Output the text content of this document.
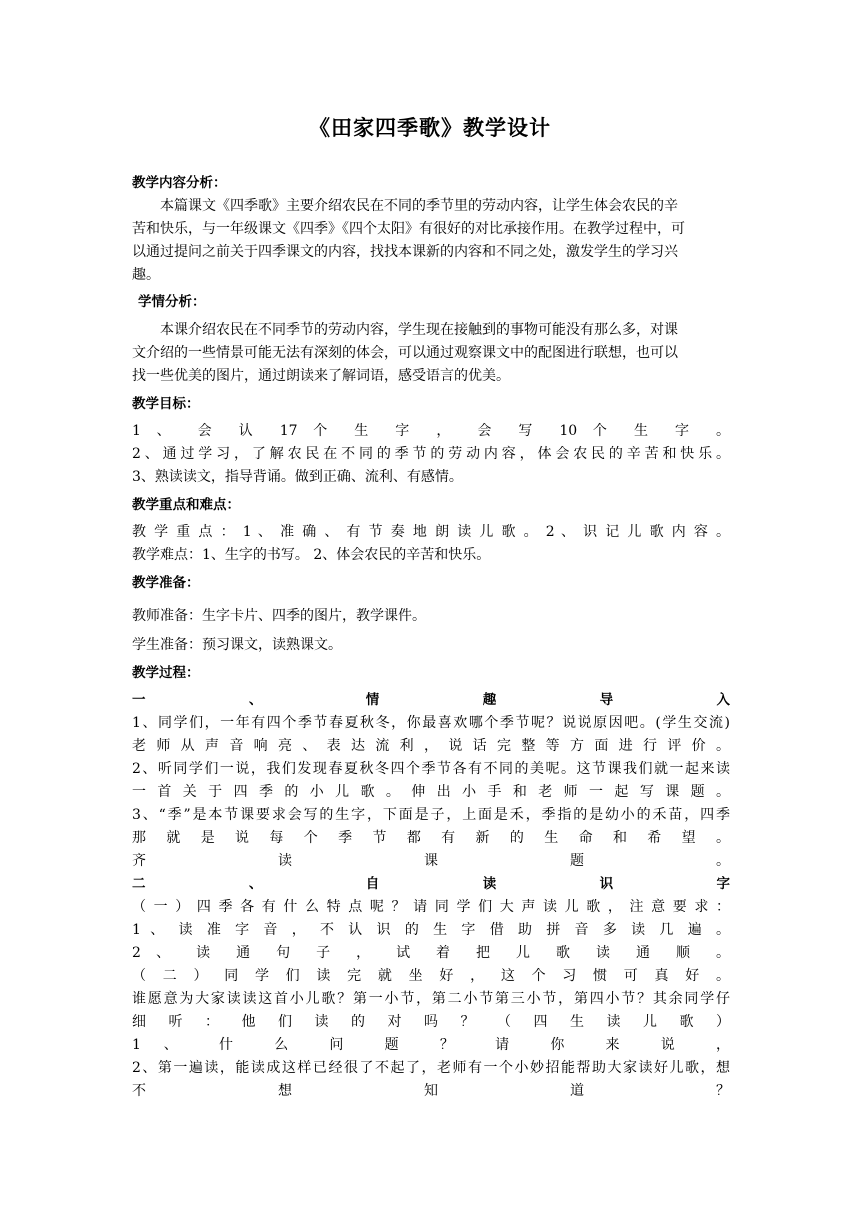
《田家四季歌》教学设计
教学内容分析：
本篇课文《四季歌》主要介绍农民在不同的季节里的劳动内容，让学生体会农民的辛
苦和快乐，与一年级课文《四季》《四个太阳》有很好的对比承接作用。在教学过程中，可
以通过提问之前关于四季课文的内容，找找本课新的内容和不同之处，激发学生的学习兴
趣。
学情分析：
本课介绍农民在不同季节的劳动内容，学生现在接触到的事物可能没有那么多，对课
文介绍的一些情景可能无法有深刻的体会，可以通过观察课文中的配图进行联想，也可以
找一些优美的图片，通过朗读来了解词语，感受语言的优美。
教学目标：
1 、 会 认 17 个 生 字 ， 会 写 10 个 生 字 。
2、通过学习，了解农民在不同的季节的劳动内容，体会农民的辛苦和快乐。
3、熟读读文，指导背诵。做到正确、流利、有感情。
教学重点和难点：
教 学 重 点 ： 1 、 准 确 、 有 节 奏 地 朗 读 儿 歌 。 2 、 识 记 儿 歌 内 容 。
教学难点：1、生字的书写。 2、体会农民的辛苦和快乐。
教学准备：
教师准备：生字卡片、四季的图片，教学课件。
学生准备：预习课文，读熟课文。
教学过程：
一 、 情 趣 导 入
1、同学们，一年有四个季节春夏秋冬，你最喜欢哪个季节呢？说说原因吧。(学生交流)
老 师 从 声 音 响 亮 、 表 达 流 利 ， 说 话 完 整 等 方 面 进 行 评 价 。
2、听同学们一说，我们发现春夏秋冬四个季节各有不同的美呢。这节课我们就一起来读
一 首 关 于 四 季 的 小 儿 歌 。 伸 出 小 手 和 老 师 一 起 写 课 题 。
3、“季”是本节课要求会写的生字，下面是子，上面是禾，季指的是幼小的禾苗，四季
那 就 是 说 每 个 季 节 都 有 新 的 生 命 和 希 望 。
齐 读 课 题 。
二 、 自 读 识 字
（ 一 ） 四 季 各 有 什 么 特 点 呢 ？ 请 同 学 们 大 声 读 儿 歌 ， 注 意 要 求 ：
1 、 读 准 字 音 ， 不 认 识 的 生 字 借 助 拼 音 多 读 几 遍 。
2 、 读 通 句 子 ， 试 着 把 儿 歌 读 通 顺 。
（ 二 ） 同 学 们 读 完 就 坐 好 ， 这 个 习 惯 可 真 好 。
谁愿意为大家读读这首小儿歌？第一小节，第二小节第三小节，第四小节？其余同学仔
细 听 ： 他 们 读 的 对 吗 ？ （ 四 生 读 儿 歌 ）
1 、 什 么 问 题 ？ 请 你 来 说 ，
2、第一遍读，能读成这样已经很了不起了，老师有一个小妙招能帮助大家读好儿歌，想
不 想 知 道 ？
